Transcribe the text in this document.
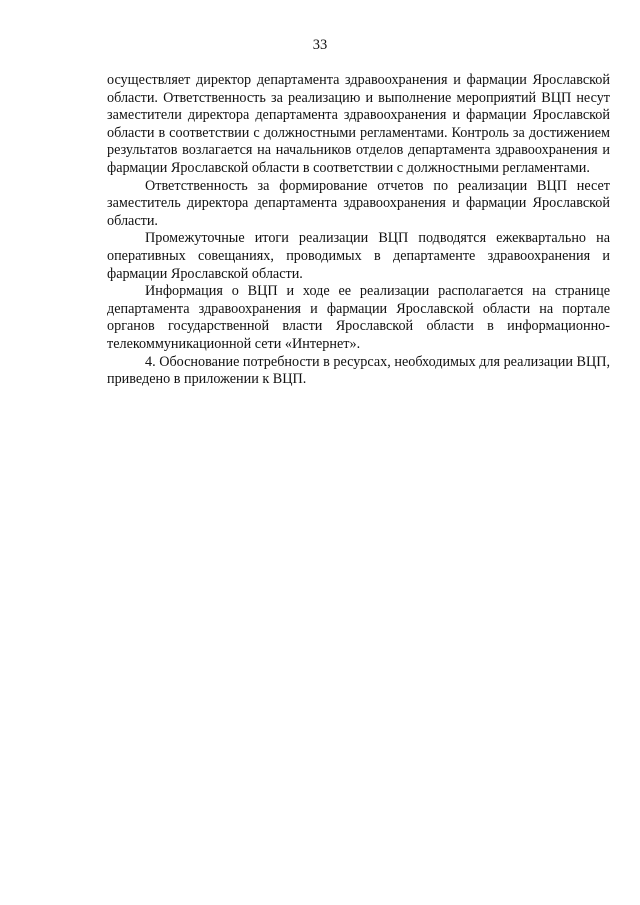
33

осуществляет директор департамента здравоохранения и фармации Ярославской области. Ответственность за реализацию и выполнение мероприятий ВЦП несут заместители директора департамента здравоохранения и фармации Ярославской области в соответствии с должностными регламентами. Контроль за достижением результатов возлагается на начальников отделов департамента здравоохранения и фармации Ярославской области в соответствии с должностными регламентами.

Ответственность за формирование отчетов по реализации ВЦП несет заместитель директора департамента здравоохранения и фармации Ярославской области.

Промежуточные итоги реализации ВЦП подводятся ежеквартально на оперативных совещаниях, проводимых в департаменте здравоохранения и фармации Ярославской области.

Информация о ВЦП и ходе ее реализации располагается на странице департамента здравоохранения и фармации Ярославской области на портале органов государственной власти Ярославской области в информационно-телекоммуникационной сети «Интернет».

4. Обоснование потребности в ресурсах, необходимых для реализации ВЦП, приведено в приложении к ВЦП.
